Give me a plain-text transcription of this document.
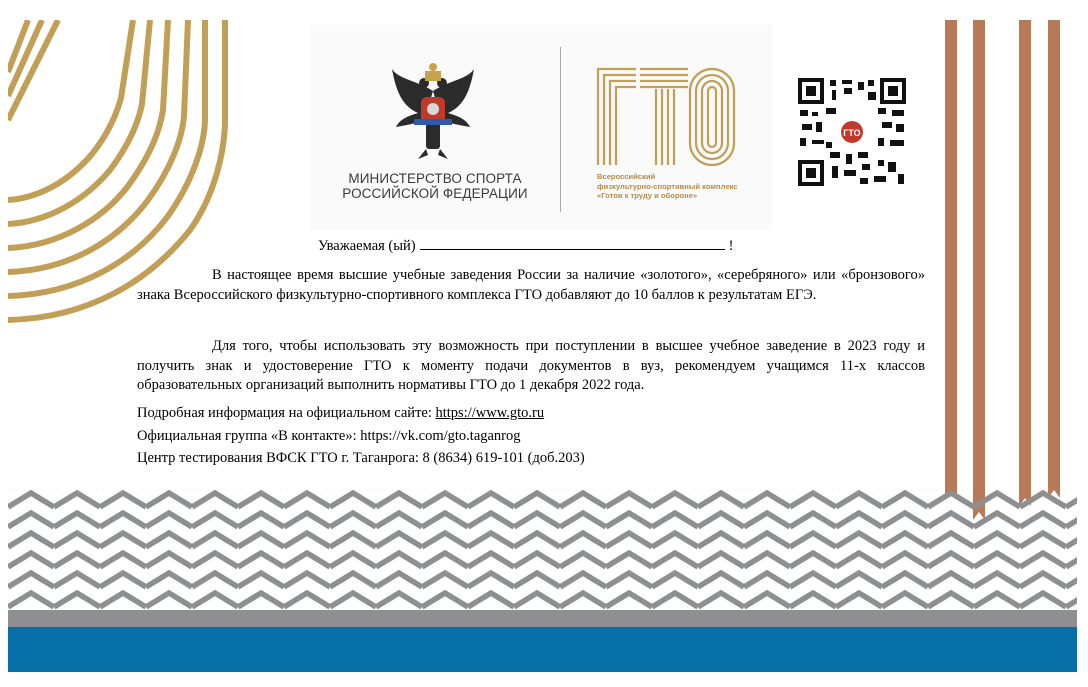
МИНИСТЕРСТВО СПОРТА
РОССИЙСКОЙ ФЕДЕРАЦИИ
Всероссийский
физкультурно-спортивный комплекс
«Готов к труду и обороне»
ГТО
Уважаемая (ый)	!

В настоящее время высшие учебные заведения России за наличие «золотого», «серебряного» или «бронзового» знака Всероссийского физкультурно-спортивного комплекса ГТО добавляют до 10 баллов к результатам ЕГЭ.

Для того, чтобы использовать эту возможность при поступлении в высшее учебное заведение в 2023 году и получить знак и удостоверение ГТО к моменту подачи документов в вуз, рекомендуем учащимся 11-х классов образовательных организаций выполнить нормативы ГТО до 1 декабря 2022 года.

Подробная информация на официальном сайте: https://www.gto.ru
Официальная группа «В контакте»: https://vk.com/gto.taganrog
Центр тестирования ВФСК ГТО г. Таганрога: 8 (8634) 619-101 (доб.203)
